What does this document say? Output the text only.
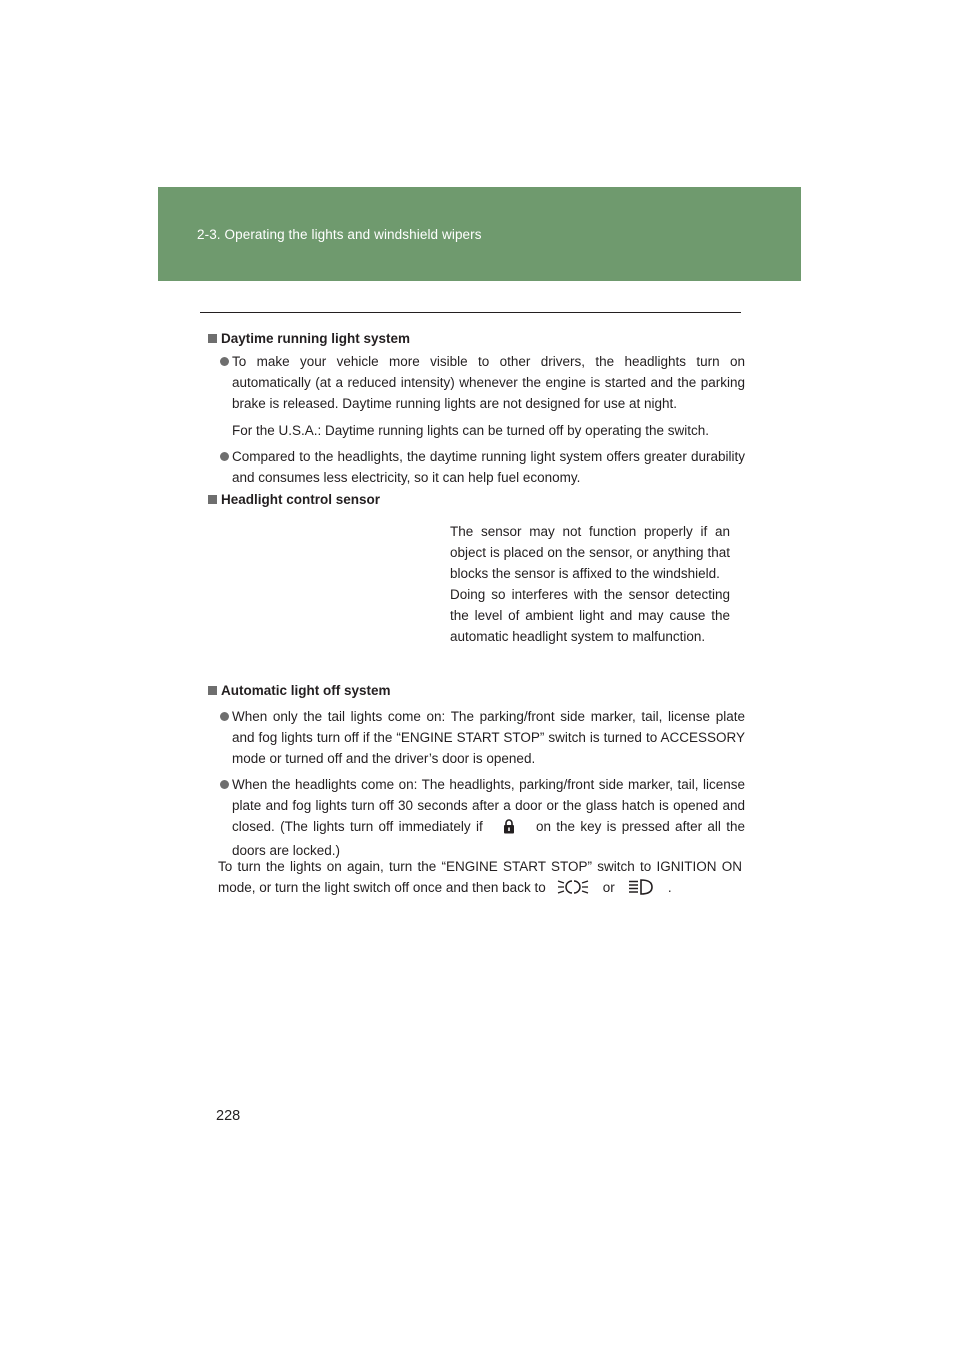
2-3. Operating the lights and windshield wipers
Daytime running light system
To make your vehicle more visible to other drivers, the headlights turn on automatically (at a reduced intensity) whenever the engine is started and the parking brake is released. Daytime running lights are not designed for use at night.
For the U.S.A.: Daytime running lights can be turned off by operating the switch.
Compared to the headlights, the daytime running light system offers greater durability and consumes less electricity, so it can help fuel economy.
Headlight control sensor

The sensor may not function properly if an object is placed on the sensor, or anything that blocks the sensor is affixed to the windshield.

Doing so interferes with the sensor detecting the level of ambient light and may cause the automatic headlight system to malfunction.

Automatic light off system
When only the tail lights come on: The parking/front side marker, tail, license plate and fog lights turn off if the “ENGINE START STOP” switch is turned to ACCESSORY mode or turned off and the driver’s door is opened.
When the headlights come on: The headlights, parking/front side marker, tail, license plate and fog lights turn off 30 seconds after a door or the glass hatch is opened and closed. (The lights turn off immediately if	on the key is pressed after all the doors are locked.)
To turn the lights on again, turn the “ENGINE START STOP” switch to IGNITION ON mode, or turn the light switch off once and then back to	or	.
228
